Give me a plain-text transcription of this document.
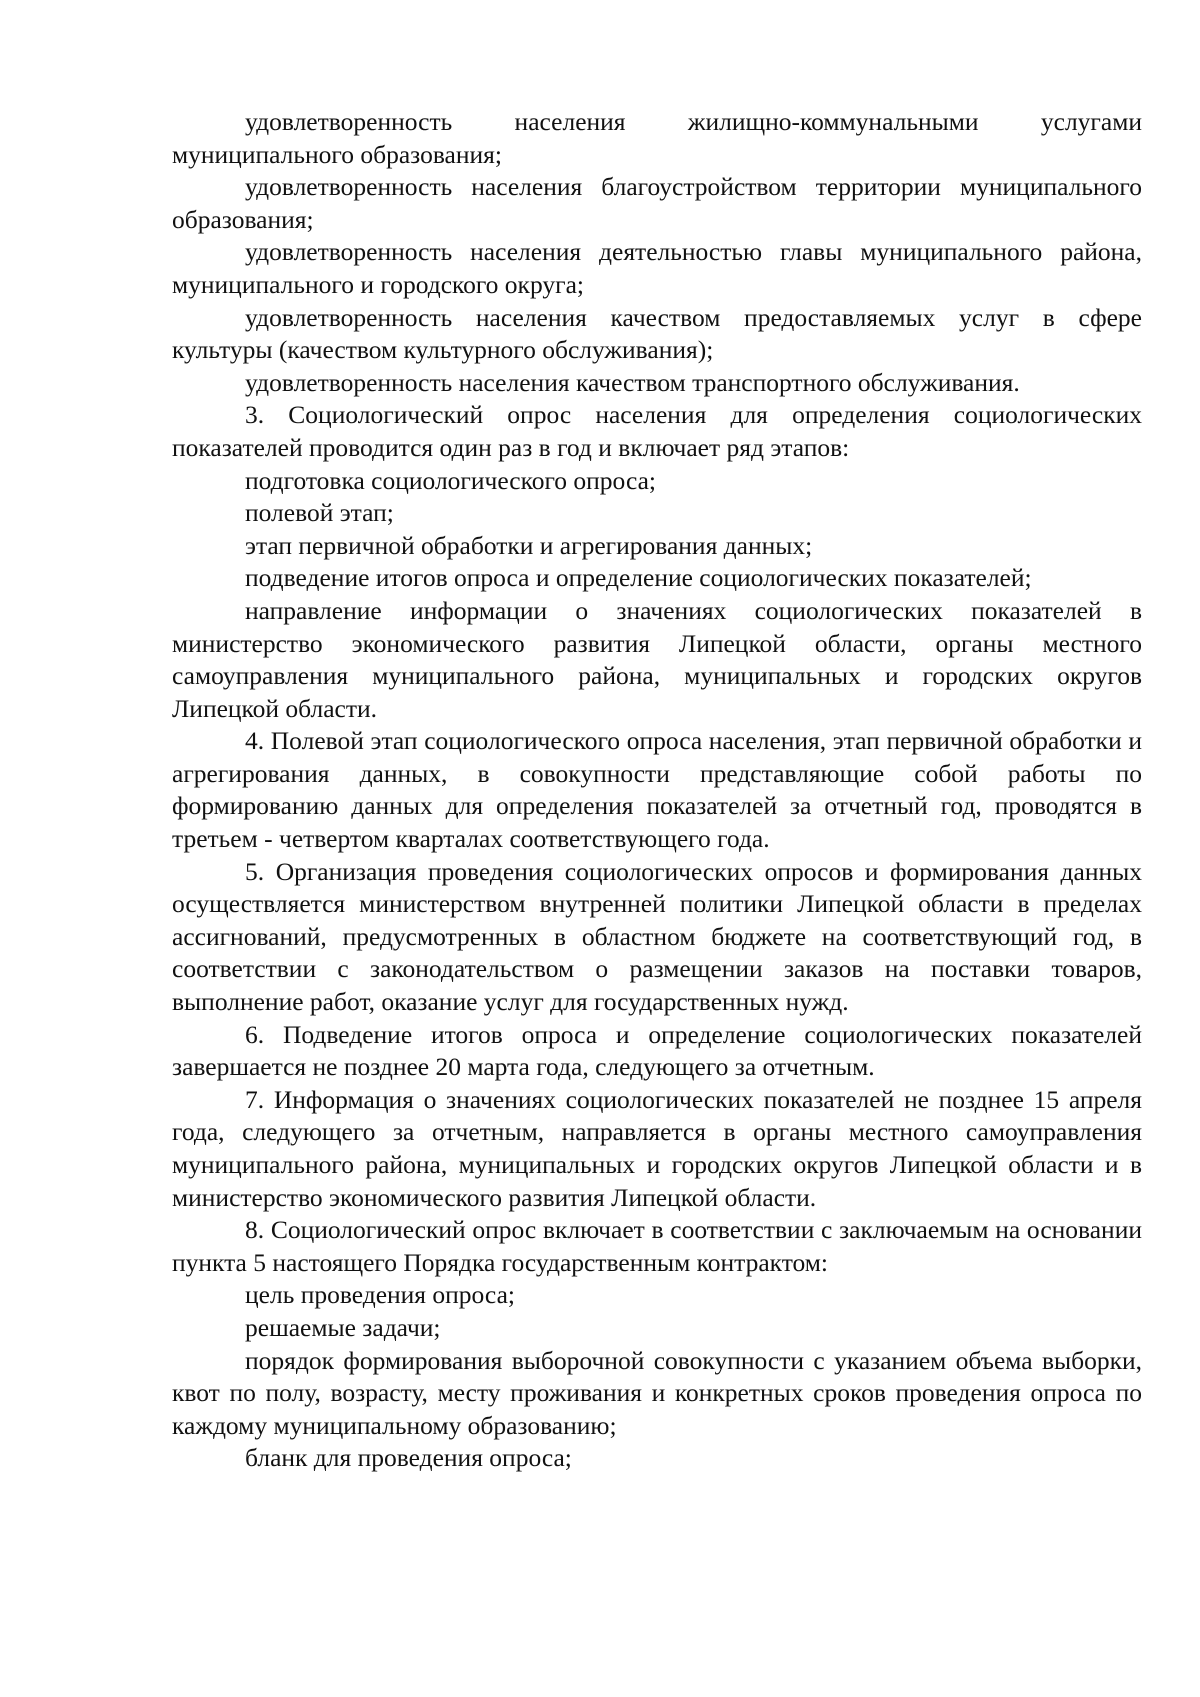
удовлетворенность населения жилищно-коммунальными услугами муниципального образования;

удовлетворенность населения благоустройством территории муниципального образования;

удовлетворенность населения деятельностью главы муниципального района, муниципального и городского округа;

удовлетворенность населения качеством предоставляемых услуг в сфере культуры (качеством культурного обслуживания);

удовлетворенность населения качеством транспортного обслуживания.

3. Социологический опрос населения для определения социологических показателей проводится один раз в год и включает ряд этапов:

подготовка социологического опроса;

полевой этап;

этап первичной обработки и агрегирования данных;

подведение итогов опроса и определение социологических показателей;

направление информации о значениях социологических показателей в министерство экономического развития Липецкой области, органы местного самоуправления муниципального района, муниципальных и городских округов Липецкой области.

4. Полевой этап социологического опроса населения, этап первичной обработки и агрегирования данных, в совокупности представляющие собой работы по формированию данных для определения показателей за отчетный год, проводятся в третьем - четвертом кварталах соответствующего года.

5. Организация проведения социологических опросов и формирования данных осуществляется министерством внутренней политики Липецкой области в пределах ассигнований, предусмотренных в областном бюджете на соответствующий год, в соответствии с законодательством о размещении заказов на поставки товаров, выполнение работ, оказание услуг для государственных нужд.

6. Подведение итогов опроса и определение социологических показателей завершается не позднее 20 марта года, следующего за отчетным.

7. Информация о значениях социологических показателей не позднее 15 апреля года, следующего за отчетным, направляется в органы местного самоуправления муниципального района, муниципальных и городских округов Липецкой области и в министерство экономического развития Липецкой области.

8. Социологический опрос включает в соответствии с заключаемым на основании пункта 5 настоящего Порядка государственным контрактом:

цель проведения опроса;

решаемые задачи;

порядок формирования выборочной совокупности с указанием объема выборки, квот по полу, возрасту, месту проживания и конкретных сроков проведения опроса по каждому муниципальному образованию;

бланк для проведения опроса;
